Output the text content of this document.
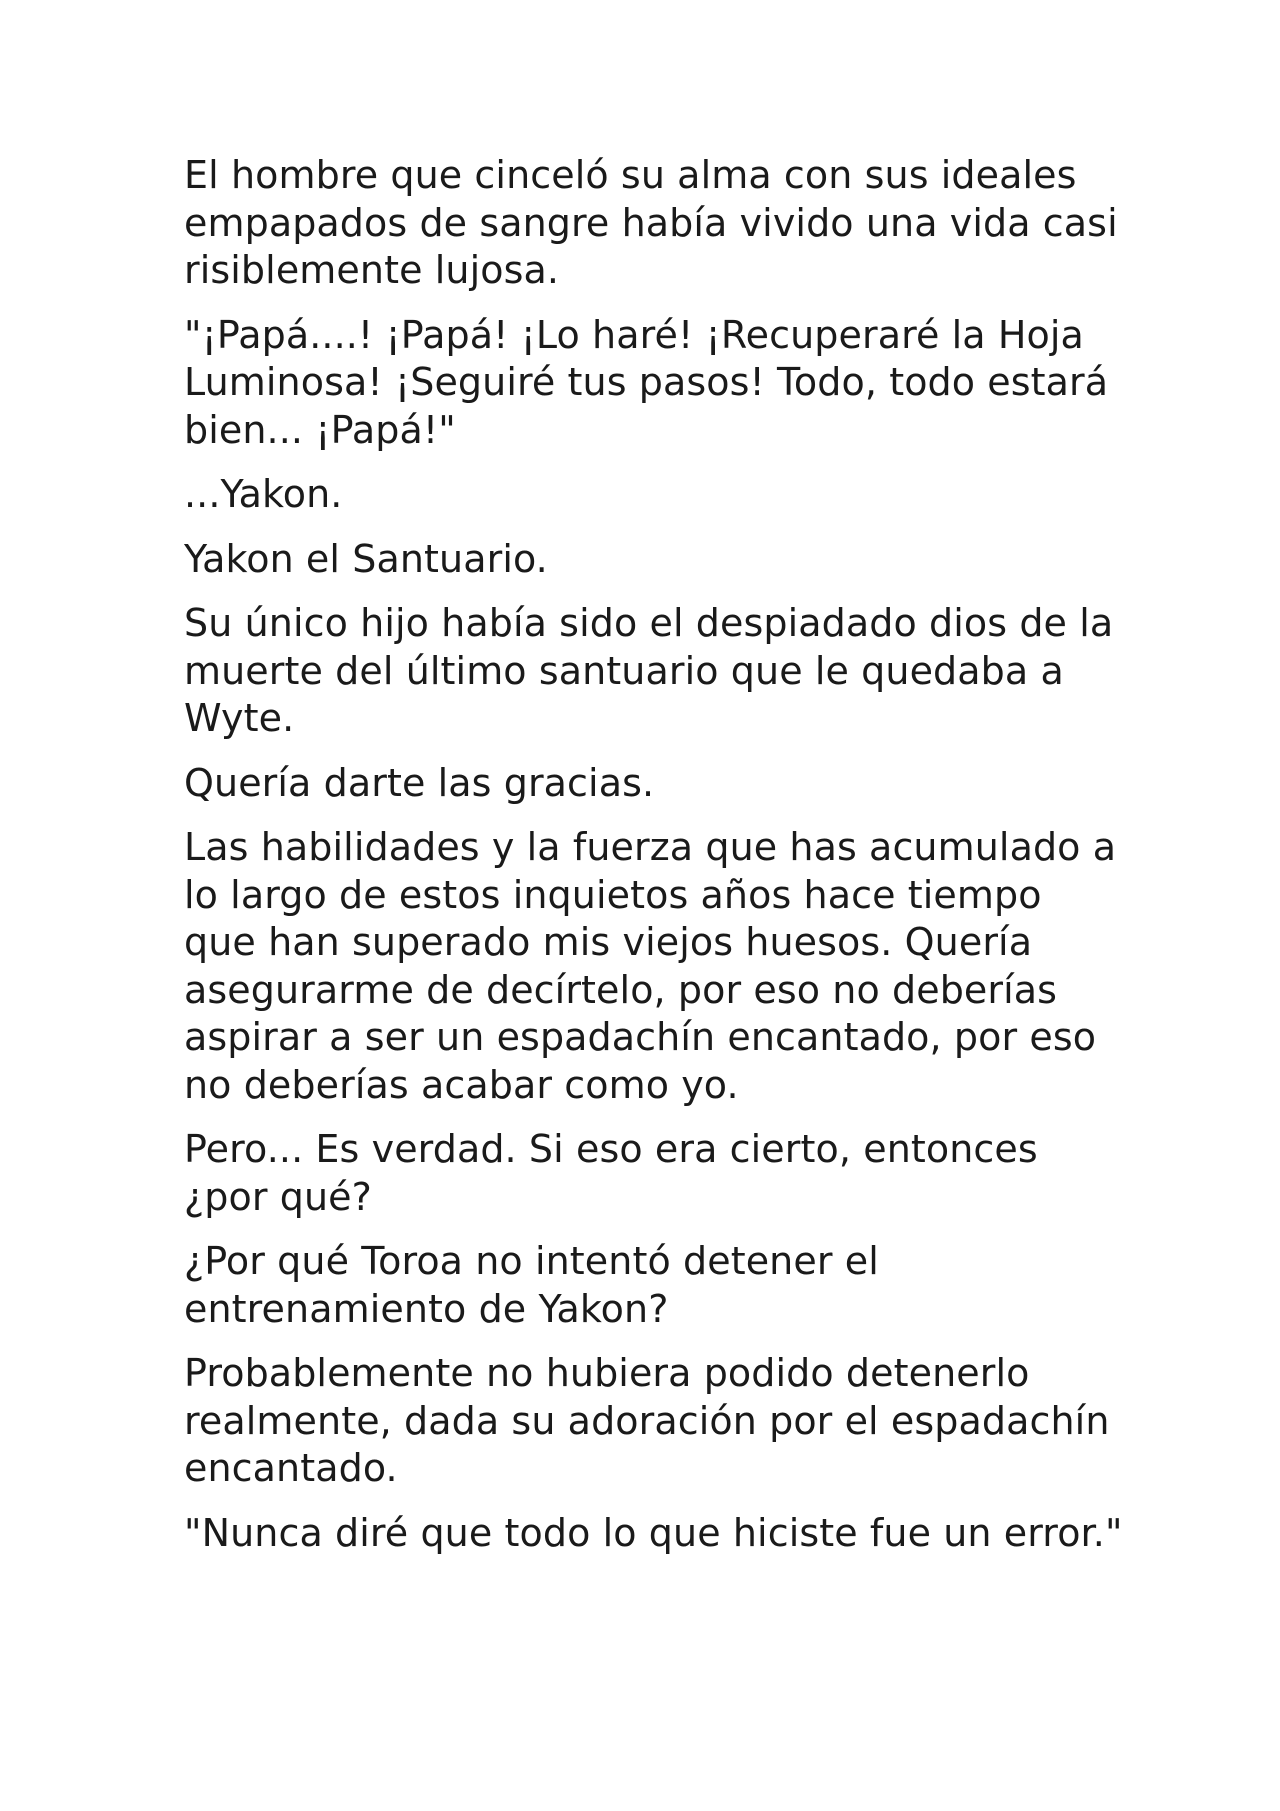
El hombre que cinceló su alma con sus ideales empapados de sangre había vivido una vida casi risiblemente lujosa.

"¡Papá....! ¡Papá! ¡Lo haré! ¡Recuperaré la Hoja Luminosa! ¡Seguiré tus pasos! Todo, todo estará bien... ¡Papá!"

...Yakon.

Yakon el Santuario.

Su único hijo había sido el despiadado dios de la muerte del último santuario que le quedaba a Wyte.

Quería darte las gracias.

Las habilidades y la fuerza que has acumulado a lo largo de estos inquietos años hace tiempo que han superado mis viejos huesos. Quería asegurarme de decírtelo, por eso no deberías aspirar a ser un espadachín encantado, por eso no deberías acabar como yo.

Pero... Es verdad. Si eso era cierto, entonces ¿por qué?

¿Por qué Toroa no intentó detener el entrenamiento de Yakon?

Probablemente no hubiera podido detenerlo realmente, dada su adoración por el espadachín encantado.

"Nunca diré que todo lo que hiciste fue un error."
